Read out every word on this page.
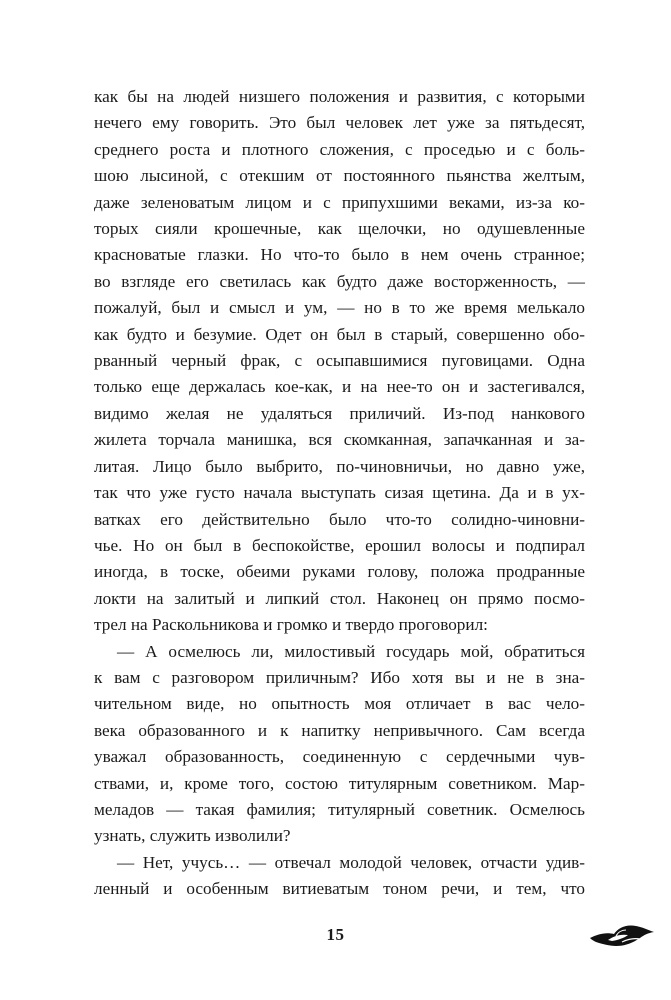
как бы на людей низшего положения и развития, с которыми
нечего ему говорить. Это был человек лет уже за пятьдесят,
среднего роста и плотного сложения, с проседью и с боль-
шою лысиной, с отекшим от постоянного пьянства желтым,
даже зеленоватым лицом и с припухшими веками, из-за ко-
торых сияли крошечные, как щелочки, но одушевленные
красноватые глазки. Но что-то было в нем очень странное;
во взгляде его светилась как будто даже восторженность, —
пожалуй, был и смысл и ум, — но в то же время мелькало
как будто и безумие. Одет он был в старый, совершенно обо-
рванный черный фрак, с осыпавшимися пуговицами. Одна
только еще держалась кое-как, и на нее-то он и застегивался,
видимо желая не удаляться приличий. Из-под нанкового
жилета торчала манишка, вся скомканная, запачканная и за-
литая. Лицо было выбрито, по-чиновничьи, но давно уже,
так что уже густо начала выступать сизая щетина. Да и в ух-
ватках его действительно было что-то солидно-чиновни-
чье. Но он был в беспокойстве, ерошил волосы и подпирал
иногда, в тоске, обеими руками голову, положа продранные
локти на залитый и липкий стол. Наконец он прямо посмо-
трел на Раскольникова и громко и твердо проговорил:
— А осмелюсь ли, милостивый государь мой, обратиться
к вам с разговором приличным? Ибо хотя вы и не в зна-
чительном виде, но опытность моя отличает в вас чело-
века образованного и к напитку непривычного. Сам всегда
уважал образованность, соединенную с сердечными чув-
ствами, и, кроме того, состою титулярным советником. Мар-
меладов — такая фамилия; титулярный советник. Осмелюсь
узнать, служить изволили?
— Нет, учусь… — отвечал молодой человек, отчасти удив-
ленный и особенным витиеватым тоном речи, и тем, что
15
